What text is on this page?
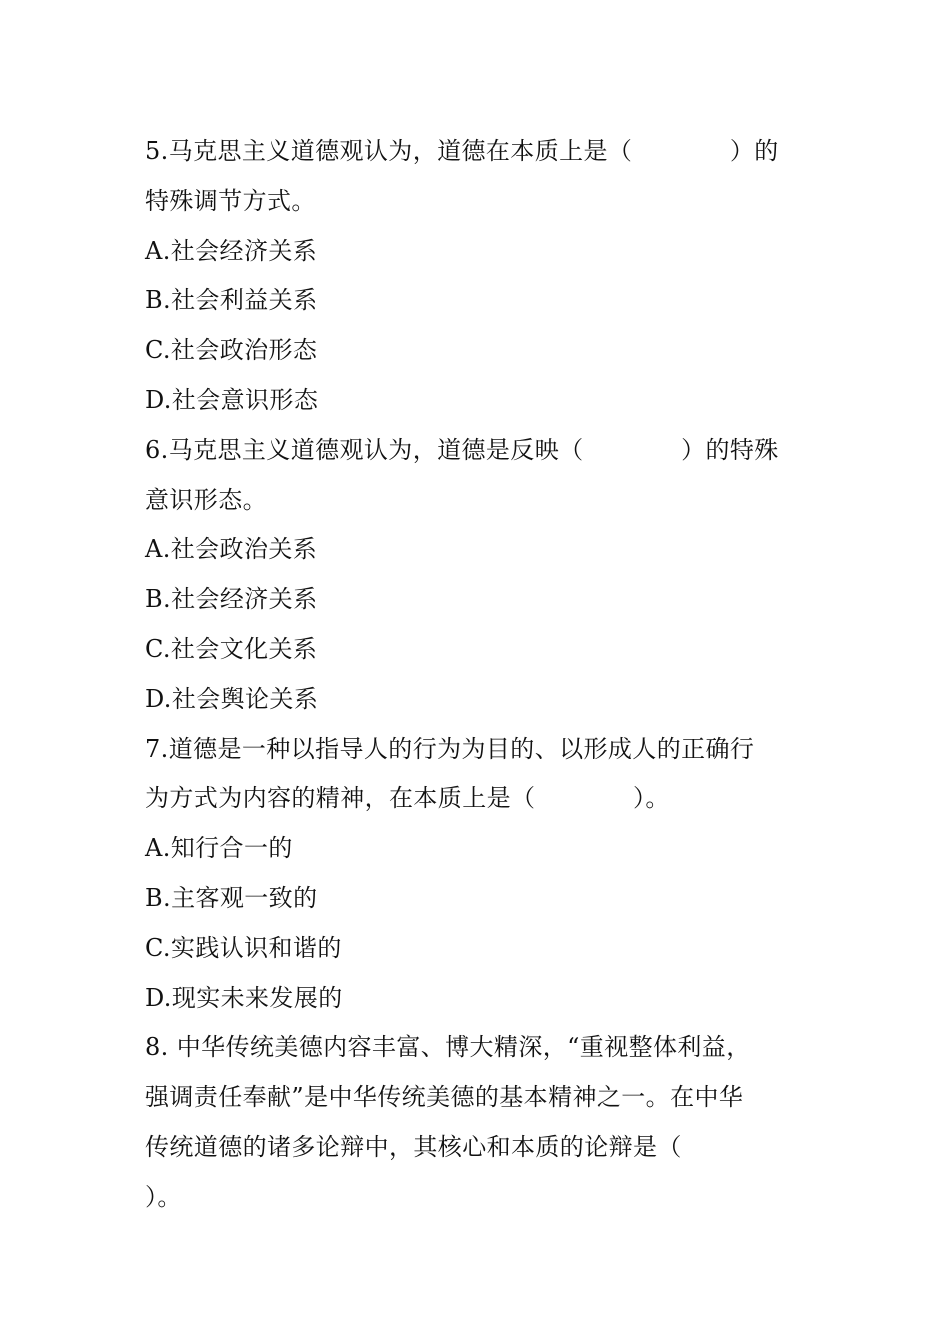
5.马克思主义道德观认为，道德在本质上是（　　　　）的
特殊调节方式。
A.社会经济关系
B.社会利益关系
C.社会政治形态
D.社会意识形态
6.马克思主义道德观认为，道德是反映（　　　　）的特殊
意识形态。
A.社会政治关系
B.社会经济关系
C.社会文化关系
D.社会舆论关系
7.道德是一种以指导人的行为为目的、以形成人的正确行
为方式为内容的精神，在本质上是（　　　　）。
A.知行合一的
B.主客观一致的
C.实践认识和谐的
D.现实未来发展的
8. 中华传统美德内容丰富、博大精深，“重视整体利益，
强调责任奉献”是中华传统美德的基本精神之一。在中华
传统道德的诸多论辩中，其核心和本质的论辩是（
）。
